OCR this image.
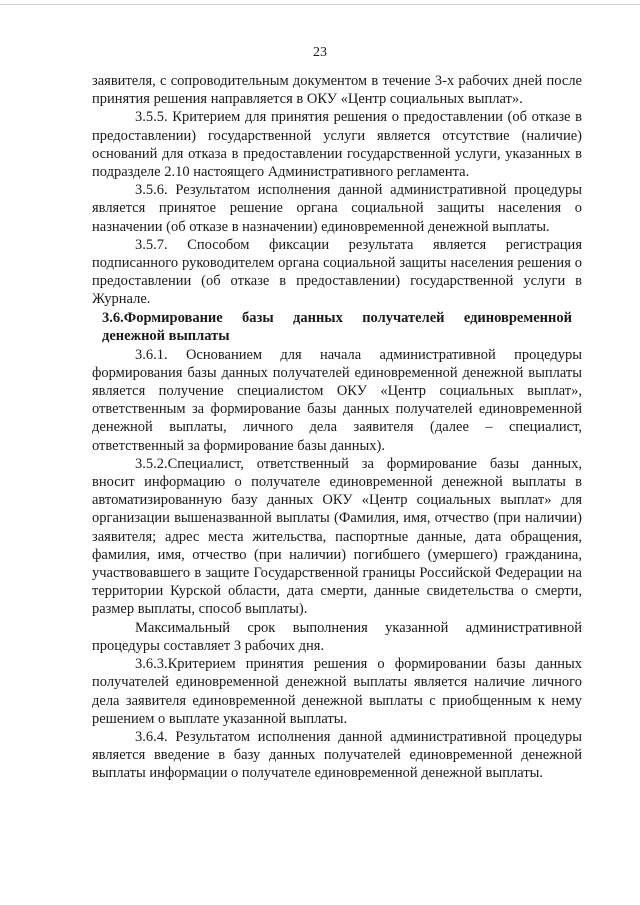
23

заявителя, с сопроводительным документом в течение 3-х рабочих дней после принятия решения направляется в ОКУ «Центр социальных выплат».

3.5.5. Критерием для принятия решения о предоставлении (об отказе в предоставлении) государственной услуги является отсутствие (наличие) оснований для отказа в предоставлении государственной услуги, указанных в подразделе 2.10 настоящего Административного регламента.

3.5.6. Результатом исполнения данной административной процедуры является принятое решение органа социальной защиты населения о назначении (об отказе в назначении) единовременной денежной выплаты.

3.5.7. Способом фиксации результата является регистрация подписанного руководителем органа социальной защиты населения решения о предоставлении (об отказе в предоставлении) государственной услуги в Журнале.

3.6.Формирование базы данных получателей единовременной денежной выплаты

3.6.1. Основанием для начала административной процедуры формирования базы данных получателей единовременной денежной выплаты является получение специалистом ОКУ «Центр социальных выплат», ответственным за формирование базы данных получателей единовременной денежной выплаты, личного дела заявителя (далее – специалист, ответственный за формирование базы данных).

3.5.2.Специалист, ответственный за формирование базы данных, вносит информацию о получателе единовременной денежной выплаты в автоматизированную базу данных ОКУ «Центр социальных выплат» для организации вышеназванной выплаты (Фамилия, имя, отчество (при наличии) заявителя; адрес места жительства, паспортные данные, дата обращения, фамилия, имя, отчество (при наличии) погибшего (умершего) гражданина, участвовавшего в защите Государственной границы Российской Федерации на территории Курской области, дата смерти, данные свидетельства о смерти, размер выплаты, способ выплаты).

Максимальный срок выполнения указанной административной процедуры составляет 3 рабочих дня.

3.6.3.Критерием принятия решения о формировании базы данных получателей единовременной денежной выплаты является наличие личного дела заявителя единовременной денежной выплаты с приобщенным к нему решением о выплате указанной выплаты.

3.6.4. Результатом исполнения данной административной процедуры является введение в базу данных получателей единовременной денежной выплаты информации о получателе единовременной денежной выплаты.
